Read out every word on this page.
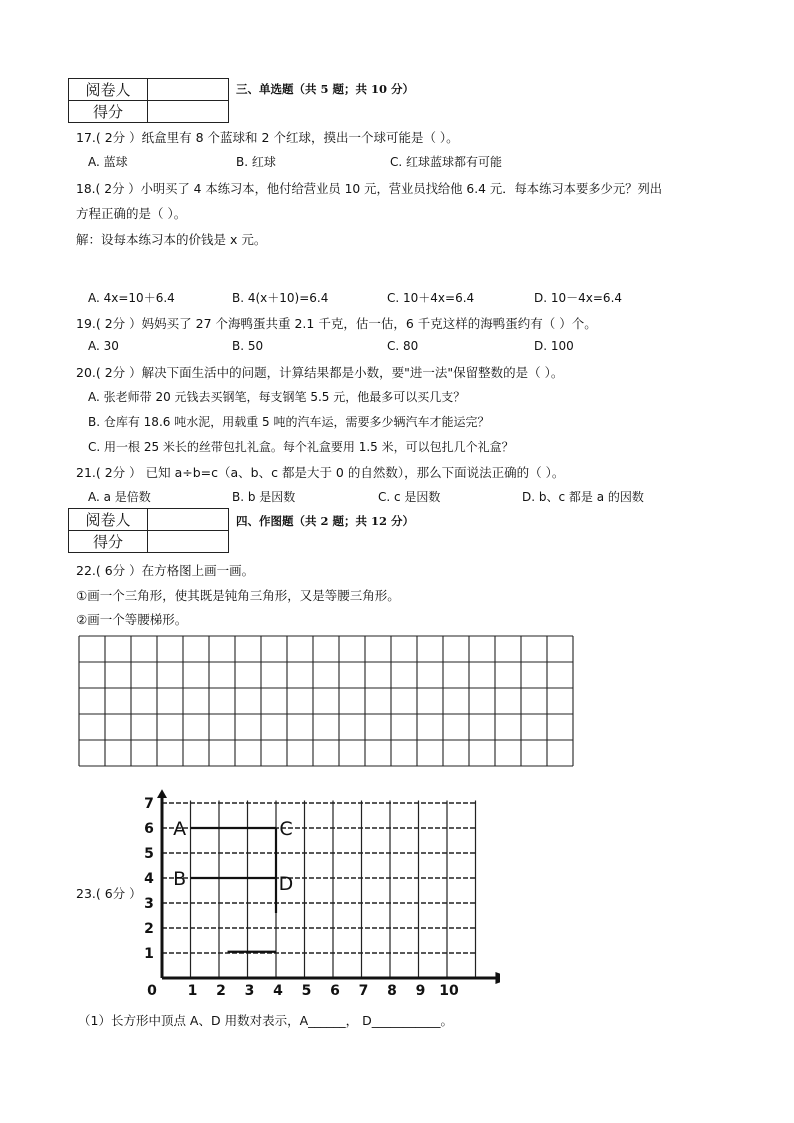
阅卷人	
得分	
三、单选题（共 5 题；共 10 分）
17.( 2分 ）纸盒里有 8 个蓝球和 2 个红球，摸出一个球可能是（ ）。
A. 蓝球	B. 红球	C. 红球蓝球都有可能
18.( 2分 ）小明买了 4 本练习本，他付给营业员 10 元，营业员找给他 6.4 元．每本练习本要多少元？列出
方程正确的是（ ）。
解：设每本练习本的价钱是 x 元。
A. 4x=10＋6.4	B. 4(x＋10)=6.4	C. 10＋4x=6.4	D. 10－4x=6.4
19.( 2分 ）妈妈买了 27 个海鸭蛋共重 2.1 千克，估一估，6 千克这样的海鸭蛋约有（ ）个。
A. 30	B. 50	C. 80	D. 100
20.( 2分 ）解决下面生活中的问题，计算结果都是小数，要"进一法"保留整数的是（ ）。
A. 张老师带 20 元钱去买钢笔，每支钢笔 5.5 元，他最多可以买几支？
B. 仓库有 18.6 吨水泥，用载重 5 吨的汽车运，需要多少辆汽车才能运完？
C. 用一根 25 米长的丝带包扎礼盒。每个礼盒要用 1.5 米，可以包扎几个礼盒？
21.( 2分 ） 已知 a÷b=c（a、b、c 都是大于 0 的自然数），那么下面说法正确的（ ）。
A. a 是倍数	B. b 是因数	C. c 是因数	D. b、c 都是 a 的因数
阅卷人	
得分	
四、作图题（共 2 题；共 12 分）
22.( 6分 ）在方格图上画一画。
①画一个三角形，使其既是钝角三角形，又是等腰三角形。
②画一个等腰梯形。
23.( 6分 ）
0 1 2 3 4 5 6 7 8 9 10
1
2
3
4
5
6
7
A
B
C
D
（1）长方形中顶点 A、D 用数对表示，A______， D___________。
